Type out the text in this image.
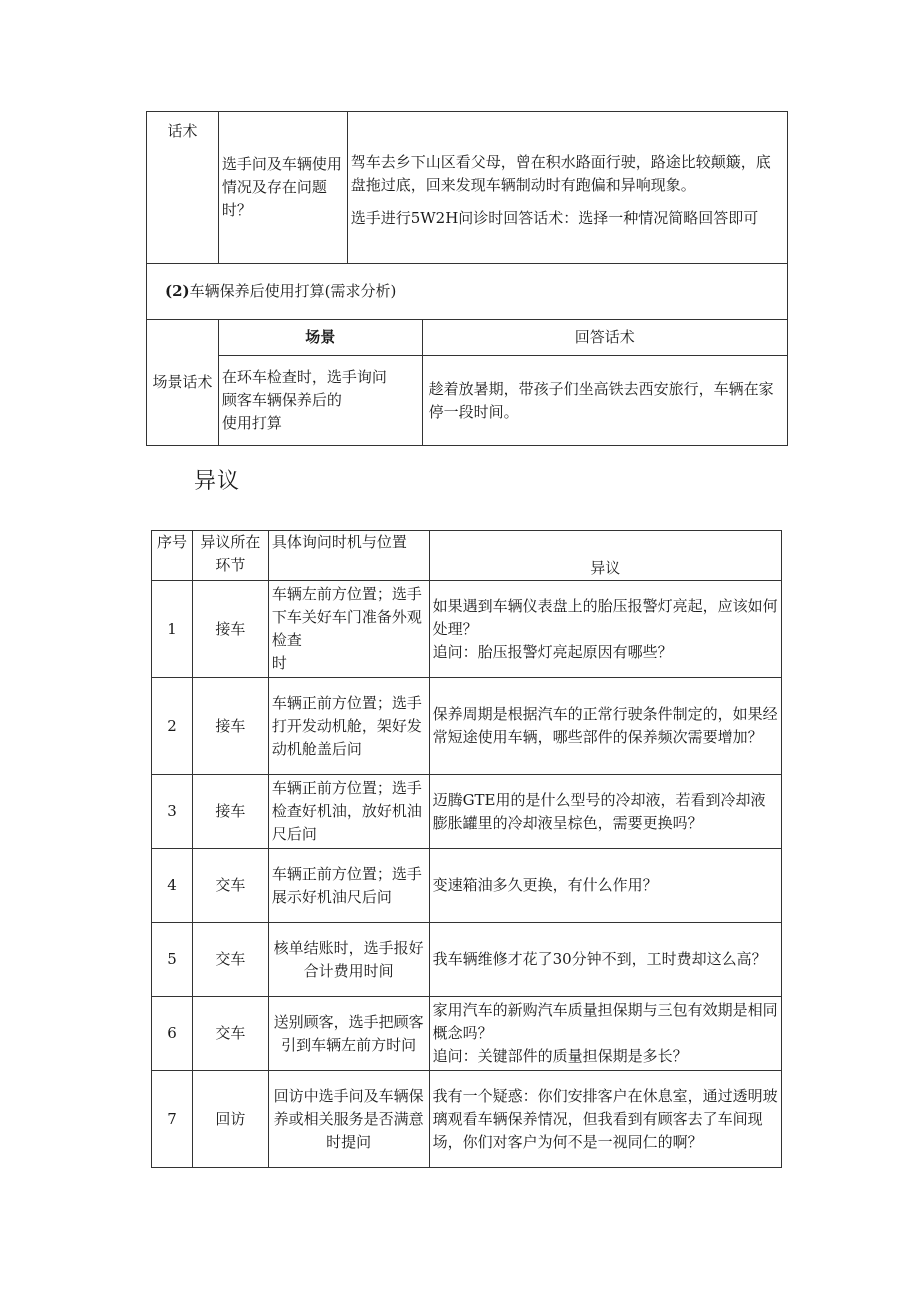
话术	选手问及车辆使用情况及存在问题时？	驾车去乡下山区看父母，曾在积水路面行驶，路途比较颠簸，底盘拖过底，回来发现车辆制动时有跑偏和异响现象。
选手进行5W2H问诊时回答话术：选择一种情况简略回答即可	

(2)车辆保养后使用打算(需求分析)			
场景话术	场景		回答话术
	在环车检查时，选手询问
顾客车辆保养后的
使用打算		趁着放暑期，带孩子们坐高铁去西安旅行，车辆在家停一段时间。
异议
序号	异议所在环节	具体询问时机与位置	异议
1	接车	车辆左前方位置；选手下车关好车门准备外观检查
时	如果遇到车辆仪表盘上的胎压报警灯亮起，应该如何处理？
追问：胎压报警灯亮起原因有哪些？
2	接车	车辆正前方位置；选手打开发动机舱，架好发动机舱盖后问	保养周期是根据汽车的正常行驶条件制定的，如果经常短途使用车辆，哪些部件的保养频次需要增加？
3	接车	车辆正前方位置；选手检查好机油，放好机油尺后问	迈腾GTE用的是什么型号的冷却液，若看到冷却液膨胀罐里的冷却液呈棕色，需要更换吗？
4	交车	车辆正前方位置；选手展示好机油尺后问	变速箱油多久更换，有什么作用？
5	交车	核单结账时，选手报好合计费用时间	我车辆维修才花了30分钟不到，工时费却这么高？
6	交车	送别顾客，选手把顾客引到车辆左前方时问	家用汽车的新购汽车质量担保期与三包有效期是相同概念吗？
追问：关键部件的质量担保期是多长？
7	回访	回访中选手问及车辆保养或相关服务是否满意时提问	我有一个疑惑：你们安排客户在休息室，通过透明玻璃观看车辆保养情况，但我看到有顾客去了车间现场，你们对客户为何不是一视同仁的啊？
